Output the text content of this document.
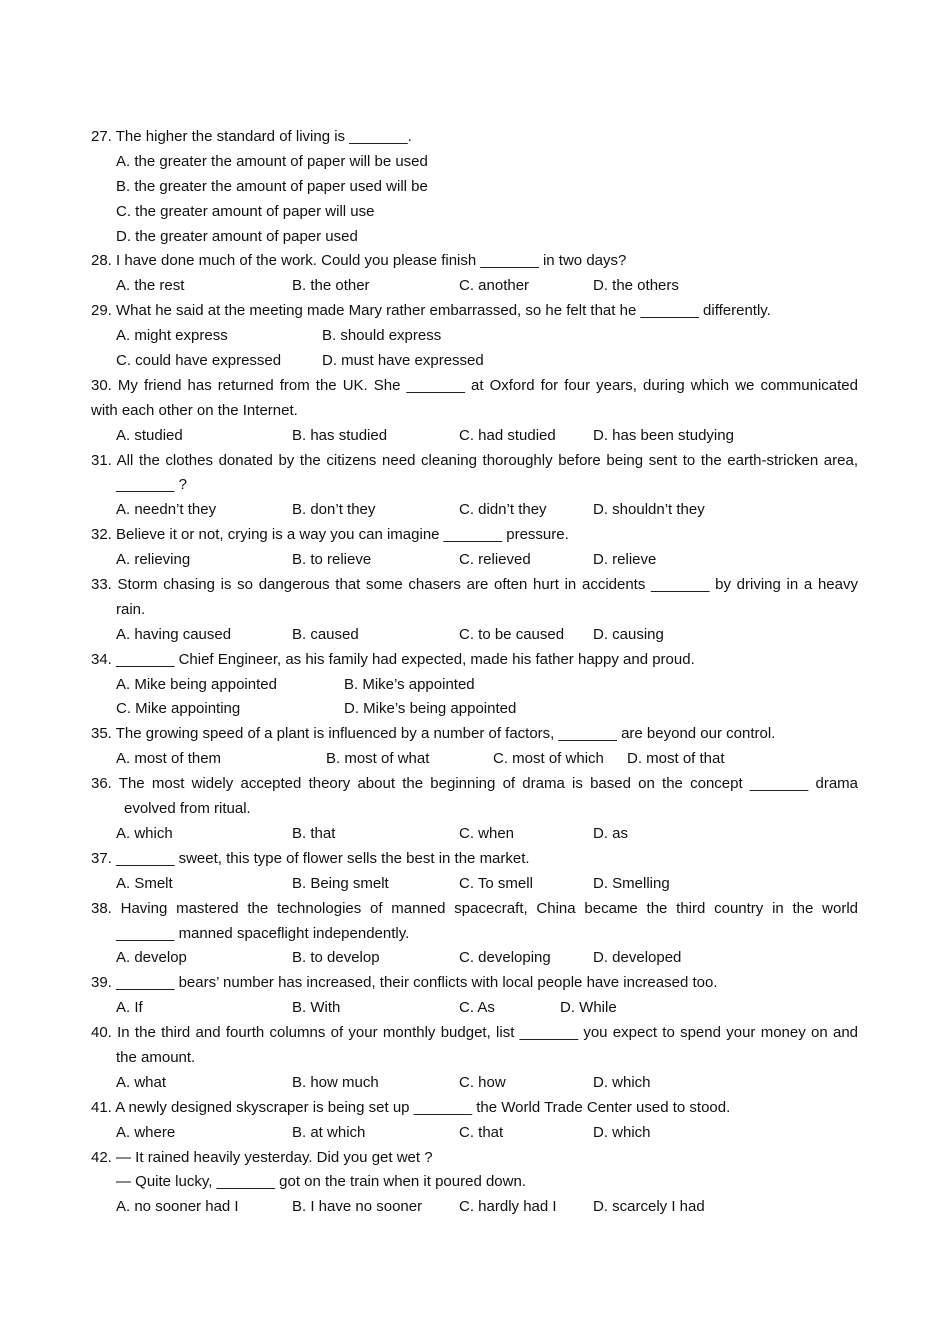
27. The higher the standard of living is _______.
A. the greater the amount of paper will be used
B. the greater the amount of paper used will be
C. the greater amount of paper will use
D. the greater amount of paper used
28. I have done much of the work. Could you please finish _______ in two days?
A. the rest	B. the other	C. another	D. the others
29. What he said at the meeting made Mary rather embarrassed, so he felt that he _______ differently.
A. might express	B. should express
C. could have expressed	D. must have expressed
30. My friend has returned from the UK. She _______ at Oxford for four years, during which we communicated
with each other on the Internet.
A. studied	B. has studied	C. had studied D. has been studying
31. All the clothes donated by the citizens need cleaning thoroughly before being sent to the earth-stricken area,
_______ ?
A. needn’t they	B. don’t they	C. didn’t they	D. shouldn’t they
32. Believe it or not, crying is a way you can imagine _______ pressure.
A. relieving	B. to relieve	C. relieved	D. relieve
33. Storm chasing is so dangerous that some chasers are often hurt in accidents _______ by driving in a heavy
rain.
A. having caused	B. caused	C. to be caused D. causing
34. _______ Chief Engineer, as his family had expected, made his father happy and proud.
A. Mike being appointed	B. Mike’s appointed
C. Mike appointing	D. Mike’s being appointed
35. The growing speed of a plant is influenced by a number of factors, _______ are beyond our control.
A. most of them	B. most of what	C. most of which D. most of that
36. The most widely accepted theory about the beginning of drama is based on the concept _______ drama
evolved from ritual.
A. which	B. that	C. when	D. as
37. _______ sweet, this type of flower sells the best in the market.
A. Smelt	B. Being smelt	C. To smell	D. Smelling
38. Having mastered the technologies of manned spacecraft, China became the third country in the world
_______ manned spaceflight independently.
A. develop	B. to develop	C. developing	D. developed
39. _______ bears’ number has increased, their conflicts with local people have increased too.
A. If	B. With	C. As	D. While
40. In the third and fourth columns of your monthly budget, list _______ you expect to spend your money on and
the amount.
A. what	B. how much	C. how	D. which
41. A newly designed skyscraper is being set up _______ the World Trade Center used to stood.
A. where	B. at which	C. that	D. which
42. — It rained heavily yesterday. Did you get wet ?
— Quite lucky, _______ got on the train when it poured down.
A. no sooner had I	B. I have no sooner C. hardly had I D. scarcely I had
